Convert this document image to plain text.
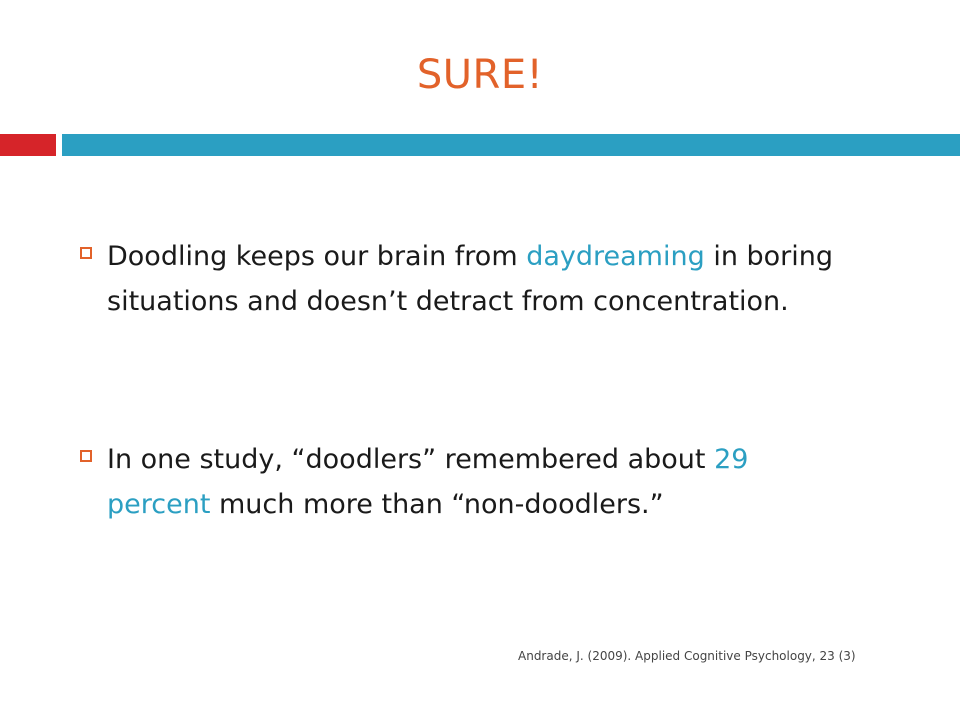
SURE!
Doodling keeps our brain from daydreaming in boring situations and doesn’t detract from concentration.
In one study, “doodlers” remembered about 29 percent much more than “non-doodlers.”
Andrade, J. (2009). Applied Cognitive Psychology, 23 (3)
